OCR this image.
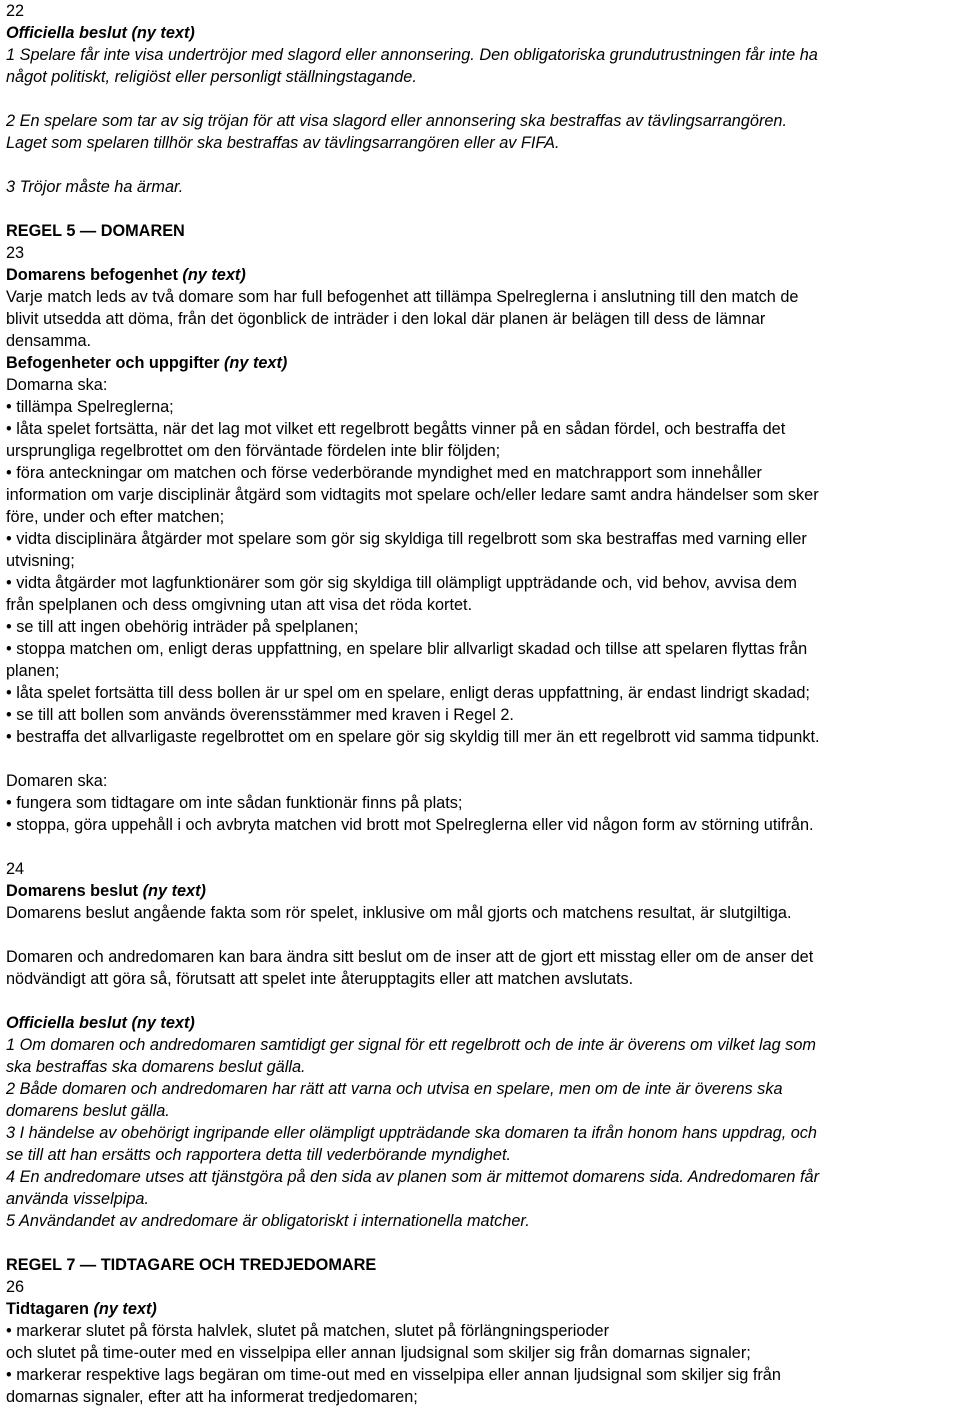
22
Officiella beslut (ny text)
1 Spelare får inte visa undertröjor med slagord eller annonsering. Den obligatoriska grundutrustningen får inte ha
något politiskt, religiöst eller personligt ställningstagande.
2 En spelare som tar av sig tröjan för att visa slagord eller annonsering ska bestraffas av tävlingsarrangören.
Laget som spelaren tillhör ska bestraffas av tävlingsarrangören eller av FIFA.
3 Tröjor måste ha ärmar.
REGEL 5 — DOMAREN
23
Domarens befogenhet (ny text)
Varje match leds av två domare som har full befogenhet att tillämpa Spelreglerna i anslutning till den match de
blivit utsedda att döma, från det ögonblick de inträder i den lokal där planen är belägen till dess de lämnar
densamma.
Befogenheter och uppgifter (ny text)
Domarna ska:
• tillämpa Spelreglerna;
• låta spelet fortsätta, när det lag mot vilket ett regelbrott begåtts vinner på en sådan fördel, och bestraffa det
ursprungliga regelbrottet om den förväntade fördelen inte blir följden;
• föra anteckningar om matchen och förse vederbörande myndighet med en matchrapport som innehåller
information om varje disciplinär åtgärd som vidtagits mot spelare och/eller ledare samt andra händelser som sker
före, under och efter matchen;
• vidta disciplinära åtgärder mot spelare som gör sig skyldiga till regelbrott som ska bestraffas med varning eller
utvisning;
• vidta åtgärder mot lagfunktionärer som gör sig skyldiga till olämpligt uppträdande och, vid behov, avvisa dem
från spelplanen och dess omgivning utan att visa det röda kortet.
• se till att ingen obehörig inträder på spelplanen;
• stoppa matchen om, enligt deras uppfattning, en spelare blir allvarligt skadad och tillse att spelaren flyttas från
planen;
• låta spelet fortsätta till dess bollen är ur spel om en spelare, enligt deras uppfattning, är endast lindrigt skadad;
• se till att bollen som används överensstämmer med kraven i Regel 2.
• bestraffa det allvarligaste regelbrottet om en spelare gör sig skyldig till mer än ett regelbrott vid samma tidpunkt.
Domaren ska:
• fungera som tidtagare om inte sådan funktionär finns på plats;
• stoppa, göra uppehåll i och avbryta matchen vid brott mot Spelreglerna eller vid någon form av störning utifrån.
24
Domarens beslut (ny text)
Domarens beslut angående fakta som rör spelet, inklusive om mål gjorts och matchens resultat, är slutgiltiga.
Domaren och andredomaren kan bara ändra sitt beslut om de inser att de gjort ett misstag eller om de anser det
nödvändigt att göra så, förutsatt att spelet inte återupptagits eller att matchen avslutats.
Officiella beslut (ny text)
1 Om domaren och andredomaren samtidigt ger signal för ett regelbrott och de inte är överens om vilket lag som
ska bestraffas ska domarens beslut gälla.
2 Både domaren och andredomaren har rätt att varna och utvisa en spelare, men om de inte är överens ska
domarens beslut gälla.
3 I händelse av obehörigt ingripande eller olämpligt uppträdande ska domaren ta ifrån honom hans uppdrag, och
se till att han ersätts och rapportera detta till vederbörande myndighet.
4 En andredomare utses att tjänstgöra på den sida av planen som är mittemot domarens sida. Andredomaren får
använda visselpipa.
5 Användandet av andredomare är obligatoriskt i internationella matcher.
REGEL 7 — TIDTAGARE OCH TREDJEDOMARE
26
Tidtagaren (ny text)
• markerar slutet på första halvlek, slutet på matchen, slutet på förlängningsperioder
och slutet på time-outer med en visselpipa eller annan ljudsignal som skiljer sig från domarnas signaler;
• markerar respektive lags begäran om time-out med en visselpipa eller annan ljudsignal som skiljer sig från
domarnas signaler, efter att ha informerat tredjedomaren;
